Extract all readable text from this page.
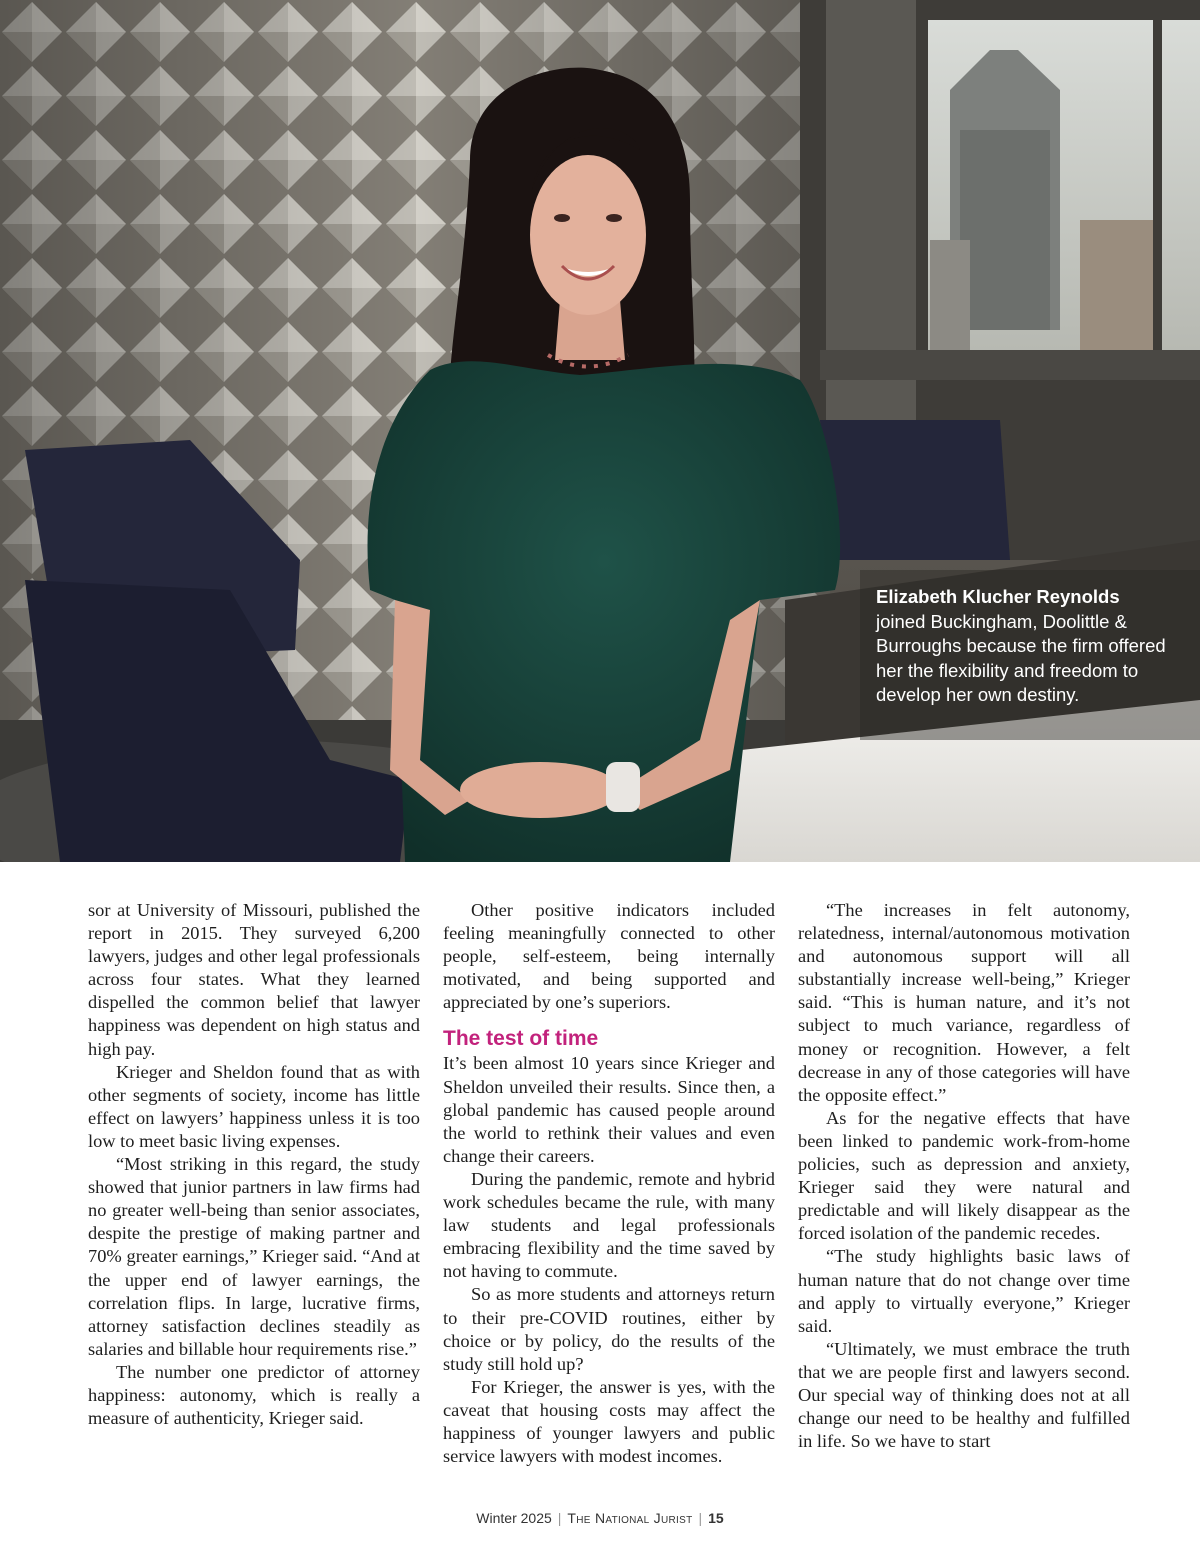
Elizabeth Klucher Reynolds
joined Buckingham, Doolittle & Burroughs because the firm offered her the flexibility and freedom to develop her own destiny.

sor at University of Missouri, published the report in 2015. They surveyed 6,200 lawyers, judges and other legal professionals across four states. What they learned dispelled the common belief that lawyer happiness was dependent on high status and high pay.

Krieger and Sheldon found that as with other segments of society, income has little effect on lawyers’ happiness unless it is too low to meet basic living expenses.

“Most striking in this regard, the study showed that junior partners in law firms had no greater well-being than senior associates, despite the prestige of making partner and 70% greater earnings,” Krieger said. “And at the upper end of lawyer earnings, the correlation flips. In large, lucrative firms, attorney satisfaction declines steadily as salaries and billable hour requirements rise.”

The number one predictor of attorney happiness: autonomy, which is really a measure of authenticity, Krieger said.

Other positive indicators included feeling meaningfully connected to other people, self-esteem, being internally motivated, and being supported and appreciated by one’s superiors.

The test of time

It’s been almost 10 years since Krieger and Sheldon unveiled their results. Since then, a global pandemic has caused people around the world to rethink their values and even change their careers.

During the pandemic, remote and hybrid work schedules became the rule, with many law students and legal professionals embracing flexibility and the time saved by not having to commute.

So as more students and attorneys return to their pre-COVID routines, either by choice or by policy, do the results of the study still hold up?

For Krieger, the answer is yes, with the caveat that housing costs may affect the happiness of younger lawyers and public service lawyers with modest incomes.

“The increases in felt autonomy, relatedness, internal/autonomous motivation and autonomous support will all substantially increase well-being,” Krieger said. “This is human nature, and it’s not subject to much variance, regardless of money or recognition. However, a felt decrease in any of those categories will have the opposite effect.”

As for the negative effects that have been linked to pandemic work-from-home policies, such as depression and anxiety, Krieger said they were natural and predictable and will likely disappear as the forced isolation of the pandemic recedes.

“The study highlights basic laws of human nature that do not change over time and apply to virtually everyone,” Krieger said.

“Ultimately, we must embrace the truth that we are people first and lawyers second. Our special way of thinking does not at all change our need to be healthy and fulfilled in life. So we have to start

Winter 2025 | The National Jurist | 15
